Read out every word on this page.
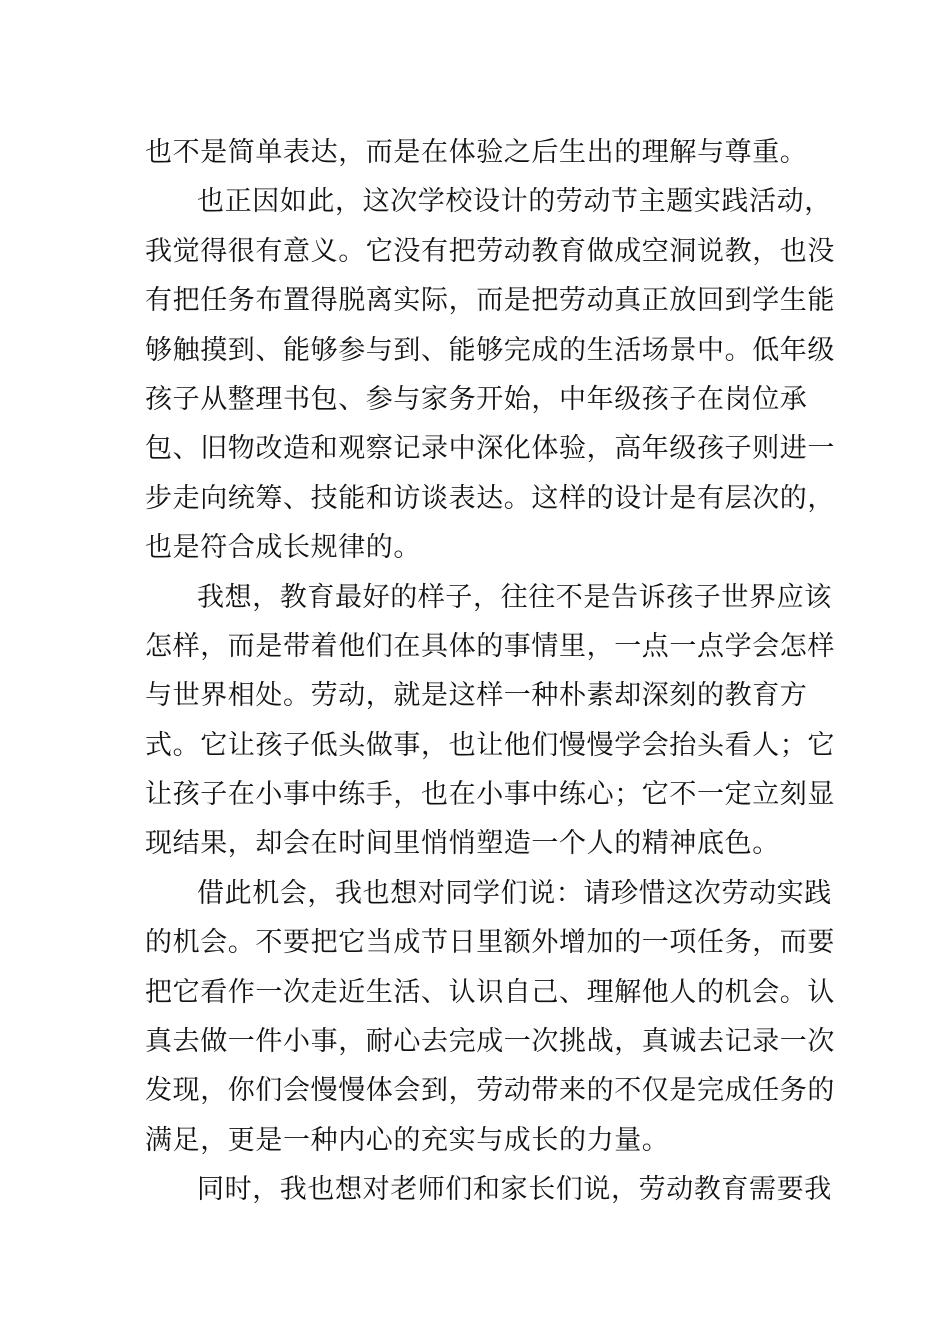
也不是简单表达，而是在体验之后生出的理解与尊重。
也正因如此，这次学校设计的劳动节主题实践活动，
我觉得很有意义。它没有把劳动教育做成空洞说教，也没
有把任务布置得脱离实际，而是把劳动真正放回到学生能
够触摸到、能够参与到、能够完成的生活场景中。低年级
孩子从整理书包、参与家务开始，中年级孩子在岗位承
包、旧物改造和观察记录中深化体验，高年级孩子则进一
步走向统筹、技能和访谈表达。这样的设计是有层次的，
也是符合成长规律的。
我想，教育最好的样子，往往不是告诉孩子世界应该
怎样，而是带着他们在具体的事情里，一点一点学会怎样
与世界相处。劳动，就是这样一种朴素却深刻的教育方
式。它让孩子低头做事，也让他们慢慢学会抬头看人；它
让孩子在小事中练手，也在小事中练心；它不一定立刻显
现结果，却会在时间里悄悄塑造一个人的精神底色。
借此机会，我也想对同学们说：请珍惜这次劳动实践
的机会。不要把它当成节日里额外增加的一项任务，而要
把它看作一次走近生活、认识自己、理解他人的机会。认
真去做一件小事，耐心去完成一次挑战，真诚去记录一次
发现，你们会慢慢体会到，劳动带来的不仅是完成任务的
满足，更是一种内心的充实与成长的力量。
同时，我也想对老师们和家长们说，劳动教育需要我
